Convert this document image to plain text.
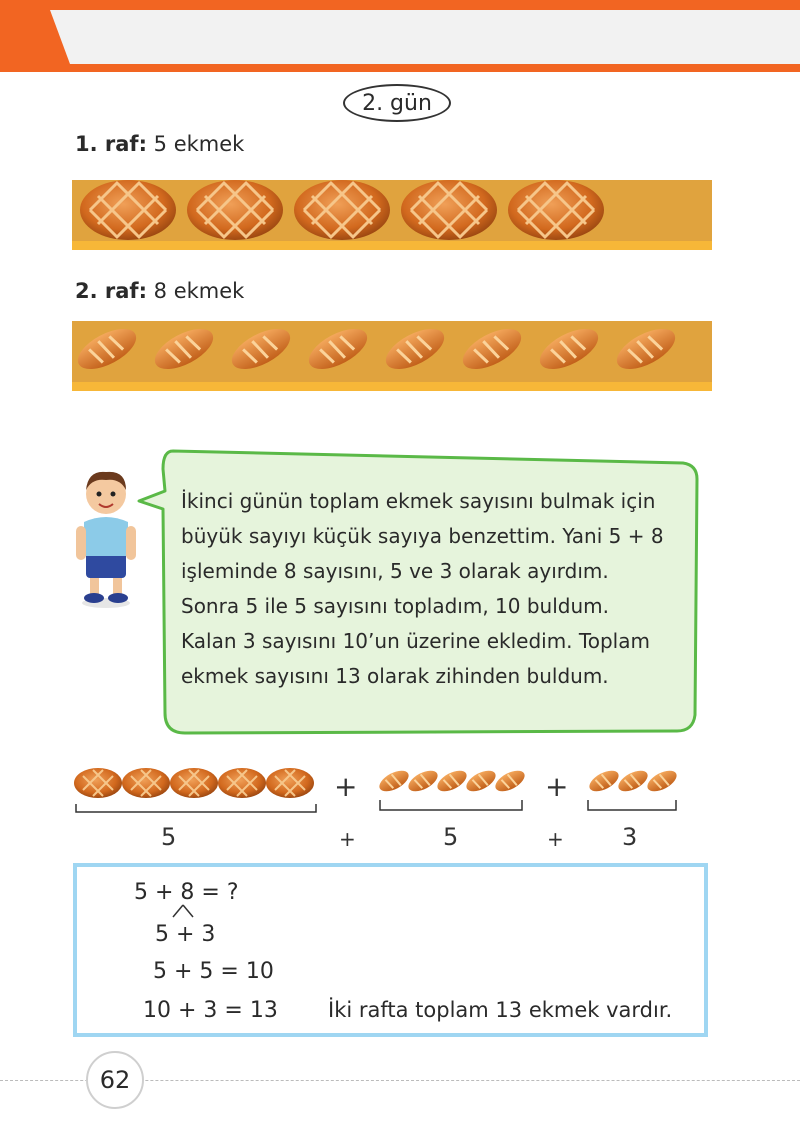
2. gün
1. raf: 5 ekmek
2. raf: 8 ekmek

İkinci günün toplam ekmek sayısını bulmak için

büyük sayıyı küçük sayıya benzettim. Yani 5 + 8

işleminde 8 sayısını, 5 ve 3 olarak ayırdım.

Sonra 5 ile 5 sayısını topladım, 10 buldum.

Kalan 3 sayısını 10’un üzerine ekledim. Toplam

ekmek sayısını 13 olarak zihinden buldum.

+	+
5	+	5	+ 3
5 + 8 = ?
5 + 3
5 + 5 = 10
10 + 3 = 13 İki rafta toplam 13 ekmek vardır.
62
